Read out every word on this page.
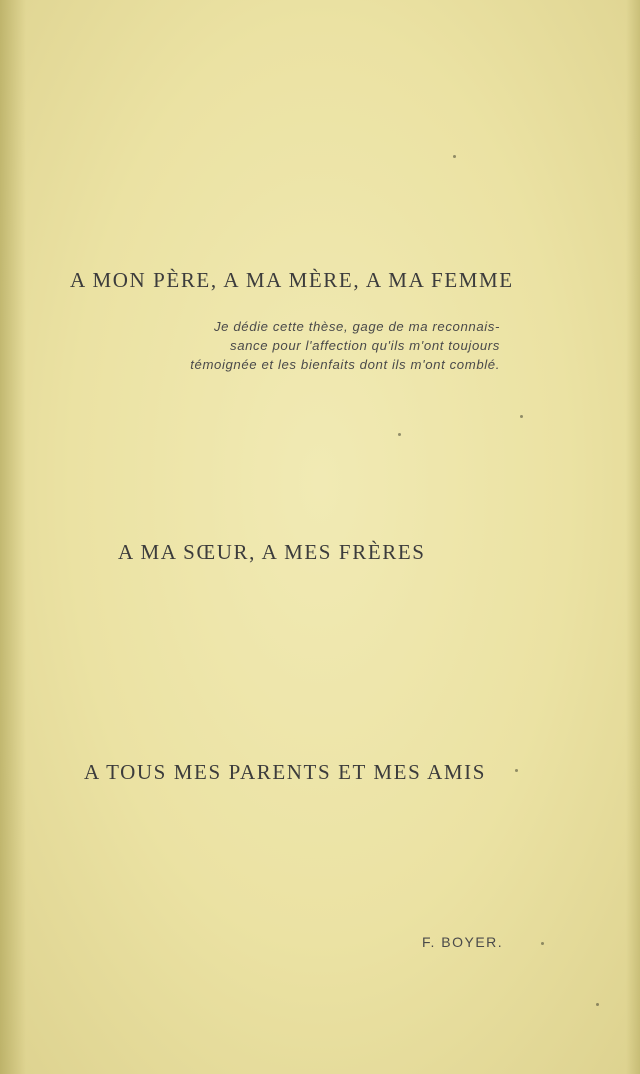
A MON PÈRE, A MA MÈRE, A MA FEMME
Je dédie cette thèse, gage de ma reconnais-
sance pour l'affection qu'ils m'ont toujours
témoignée et les bienfaits dont ils m'ont comblé.
A MA SŒUR, A MES FRÈRES
A TOUS MES PARENTS ET MES AMIS
F. BOYER.
